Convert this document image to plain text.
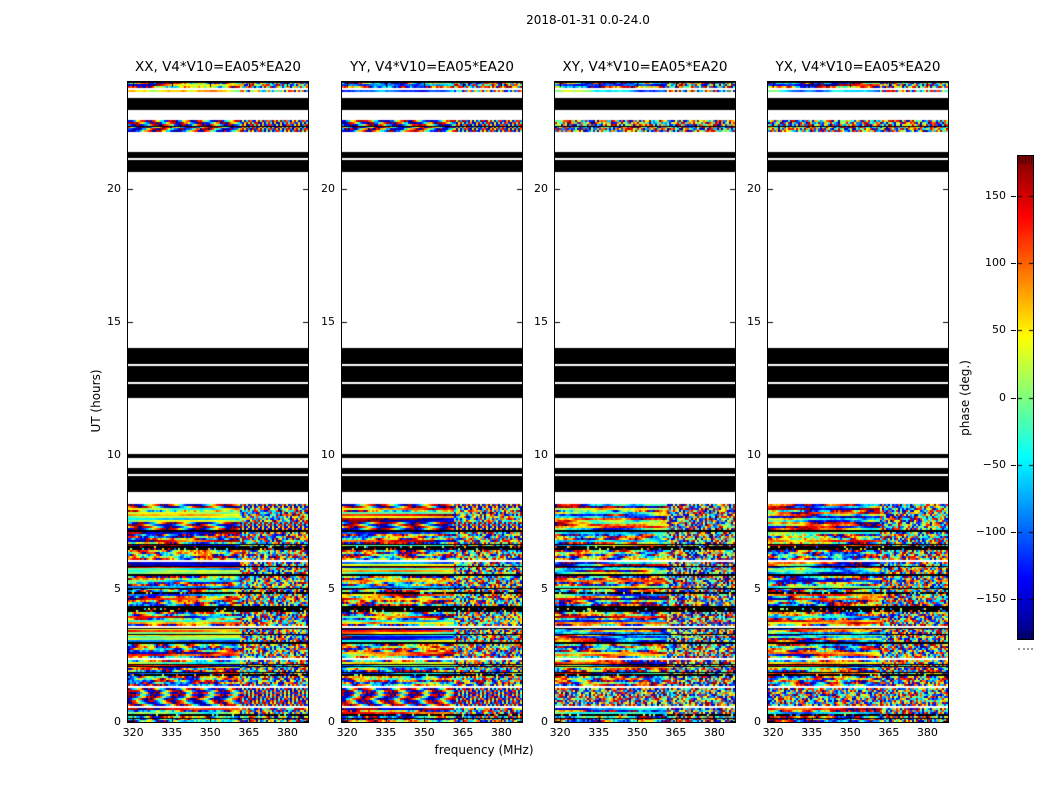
2018-01-31 0.0-24.0
UT (hours)
frequency (MHz)
XX, V4*V10=EA05*EA20
320	335	350	365	380
0
5
10
15
20
YY, V4*V10=EA05*EA20
320	335	350	365	380
0
5
10
15
20
XY, V4*V10=EA05*EA20
320	335	350	365	380
0
5
10
15
20
YX, V4*V10=EA05*EA20
320	335	350	365	380
0
5
10
15
20
phase (deg.)
150
100
50
0
−50
−100
−150
